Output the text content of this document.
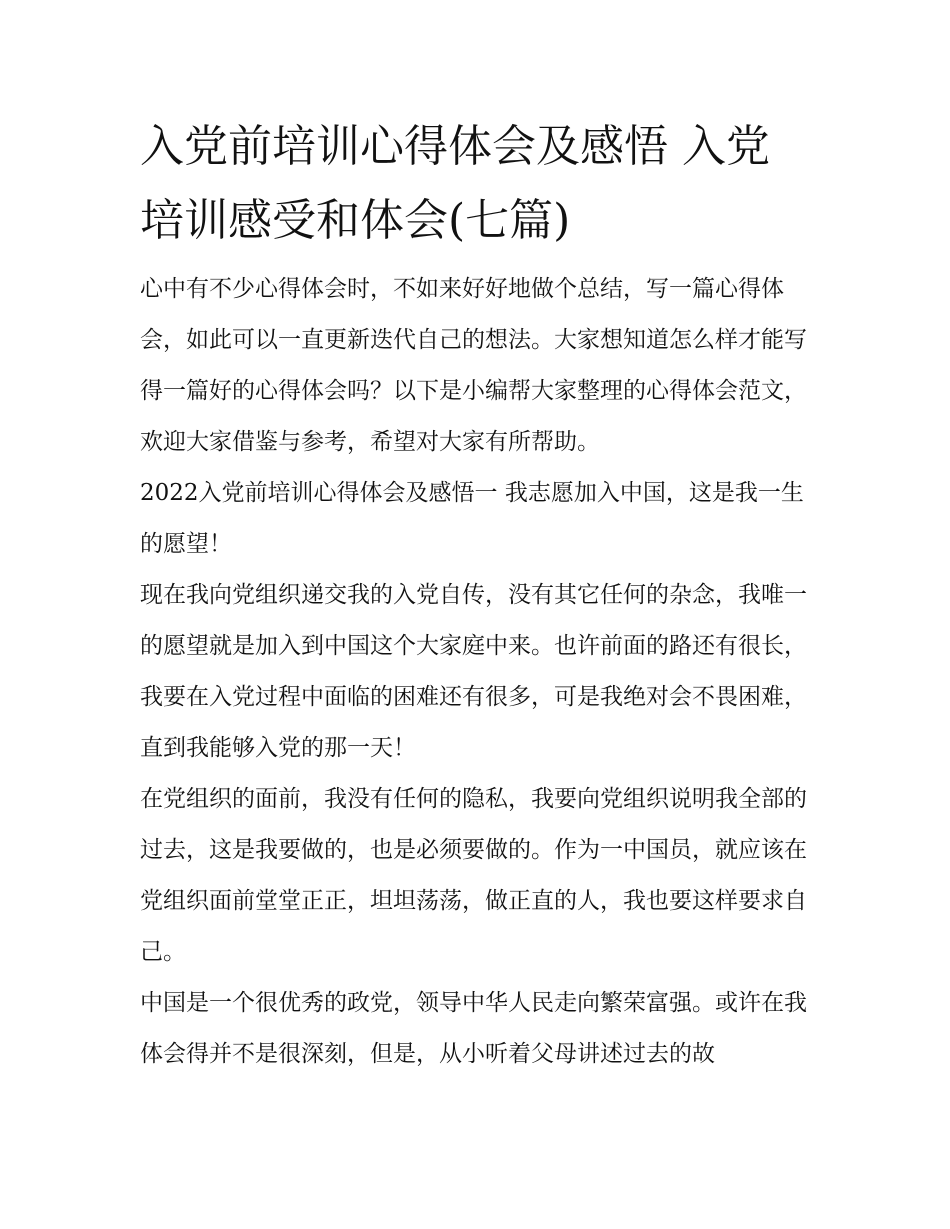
入党前培训心得体会及感悟 入党培训感受和体会(七篇)

心中有不少心得体会时，不如来好好地做个总结，写一篇心得体会，如此可以一直更新迭代自己的想法。大家想知道怎么样才能写得一篇好的心得体会吗？以下是小编帮大家整理的心得体会范文，欢迎大家借鉴与参考，希望对大家有所帮助。

2022入党前培训心得体会及感悟一 我志愿加入中国，这是我一生的愿望！

现在我向党组织递交我的入党自传，没有其它任何的杂念，我唯一的愿望就是加入到中国这个大家庭中来。也许前面的路还有很长，我要在入党过程中面临的困难还有很多，可是我绝对会不畏困难，直到我能够入党的那一天！

在党组织的面前，我没有任何的隐私，我要向党组织说明我全部的过去，这是我要做的，也是必须要做的。作为一中国员，就应该在党组织面前堂堂正正，坦坦荡荡，做正直的人，我也要这样要求自己。

中国是一个很优秀的政党，领导中华人民走向繁荣富强。或许在我体会得并不是很深刻，但是，从小听着父母讲述过去的故
